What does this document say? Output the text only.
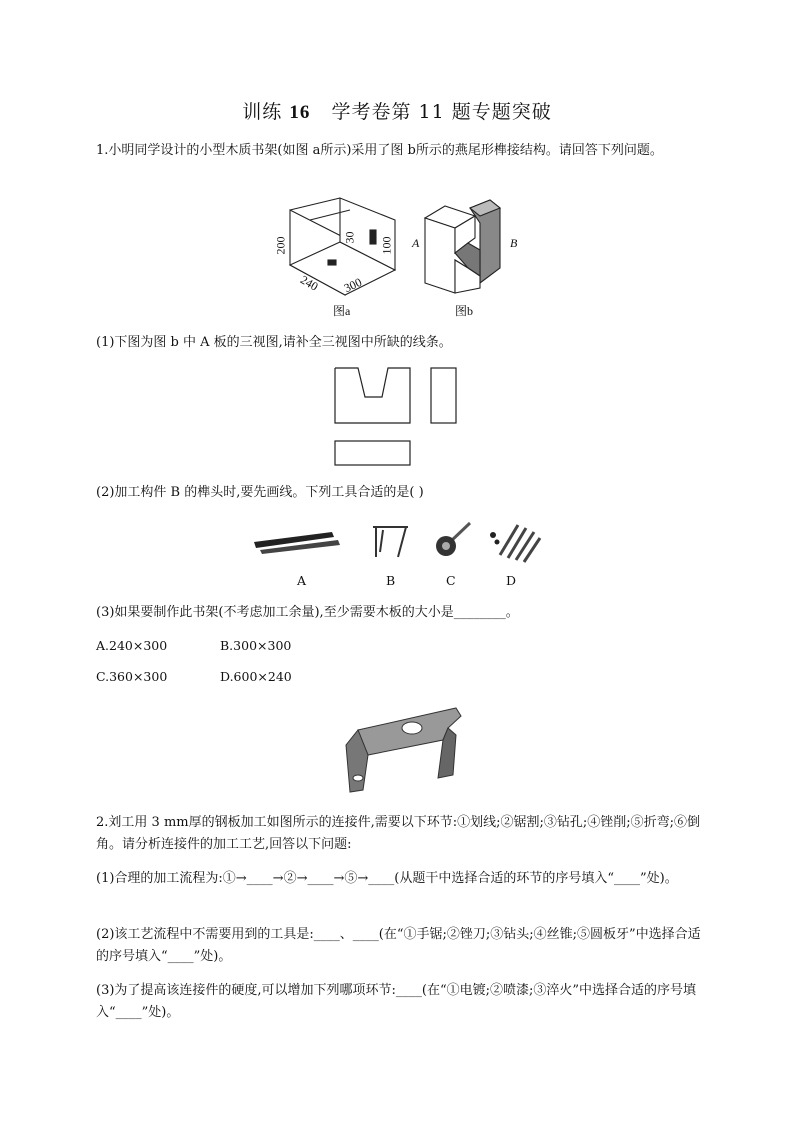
训练 16 学考卷第 11 题专题突破
1.小明同学设计的小型木质书架(如图 a所示)采用了图 b所示的燕尾形榫接结构。请回答下列问题。
200
240 300
30 100
图a
A	B
图b
(1)下图为图 b 中 A 板的三视图,请补全三视图中所缺的线条。
(2)加工构件 B 的榫头时,要先画线。下列工具合适的是( )
A	B	C	D
(3)如果要制作此书架(不考虑加工余量),至少需要木板的大小是________。
A.240×300	B.300×300
C.360×300	D.600×240
2.刘工用 3 mm厚的钢板加工如图所示的连接件,需要以下环节:①划线;②锯割;③钻孔;④锉削;⑤折弯;⑥倒角。请分析连接件的加工工艺,回答以下问题:
(1)合理的加工流程为:①→____→②→____→⑤→____(从题干中选择合适的环节的序号填入“____”处)。
(2)该工艺流程中不需要用到的工具是:____、____(在“①手锯;②锉刀;③钻头;④丝锥;⑤圆板牙”中选择合适的序号填入“____”处)。
(3)为了提高该连接件的硬度,可以增加下列哪项环节:____(在“①电镀;②喷漆;③淬火”中选择合适的序号填入“____”处)。
